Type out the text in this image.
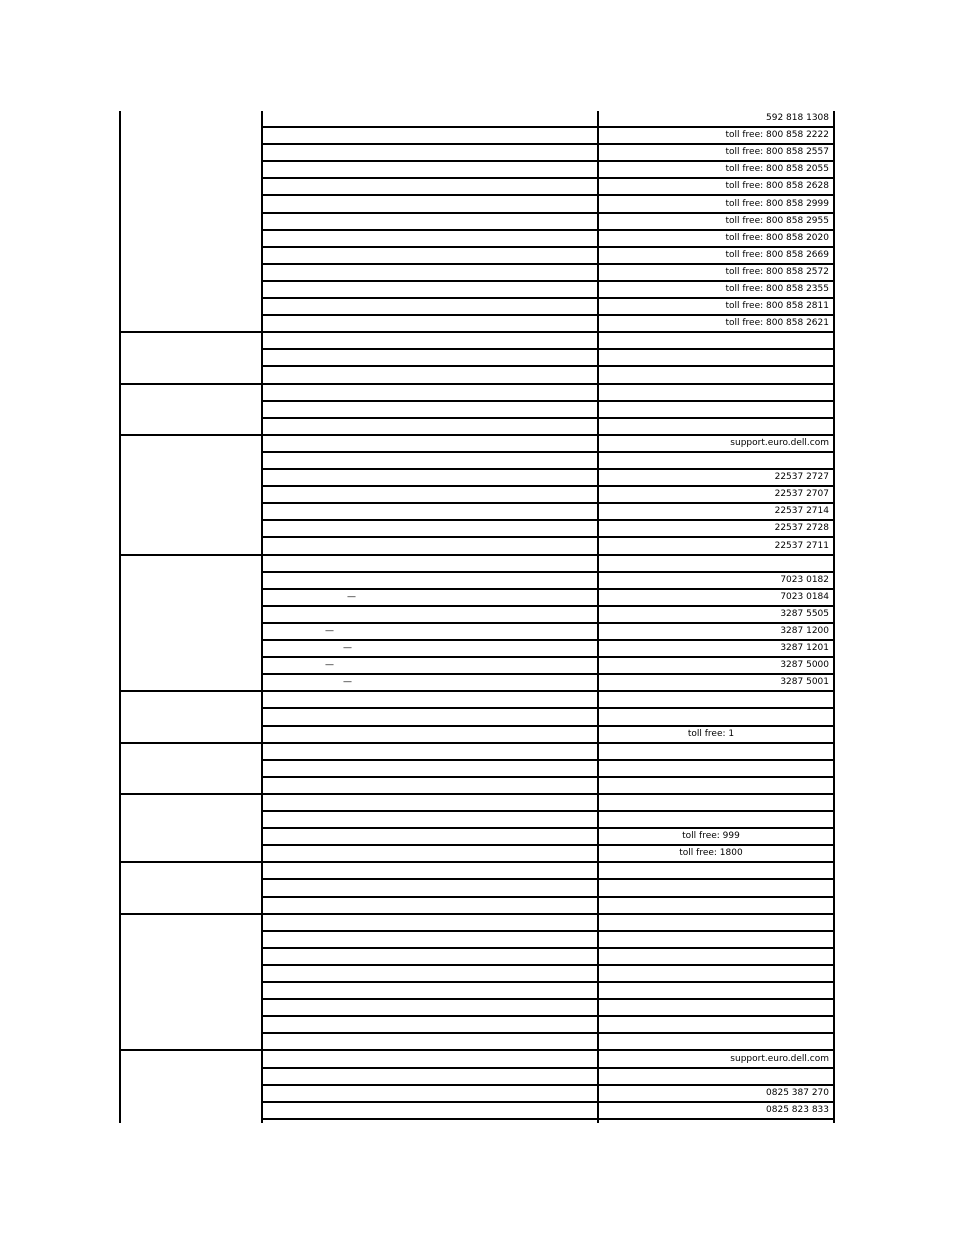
592 818 1308
toll free: 800 858 2222
toll free: 800 858 2557
toll free: 800 858 2055
toll free: 800 858 2628
toll free: 800 858 2999
toll free: 800 858 2955
toll free: 800 858 2020
toll free: 800 858 2669
toll free: 800 858 2572
toll free: 800 858 2355
toll free: 800 858 2811
toll free: 800 858 2621
support.euro.dell.com
22537 2727
22537 2707
22537 2714
22537 2728
22537 2711
7023 0182
7023 0184
—
3287 5505
3287 1200
—
3287 1201
—
3287 5000
—
3287 5001
—
toll free: 1
toll free: 999
toll free: 1800
support.euro.dell.com
0825 387 270
0825 823 833
